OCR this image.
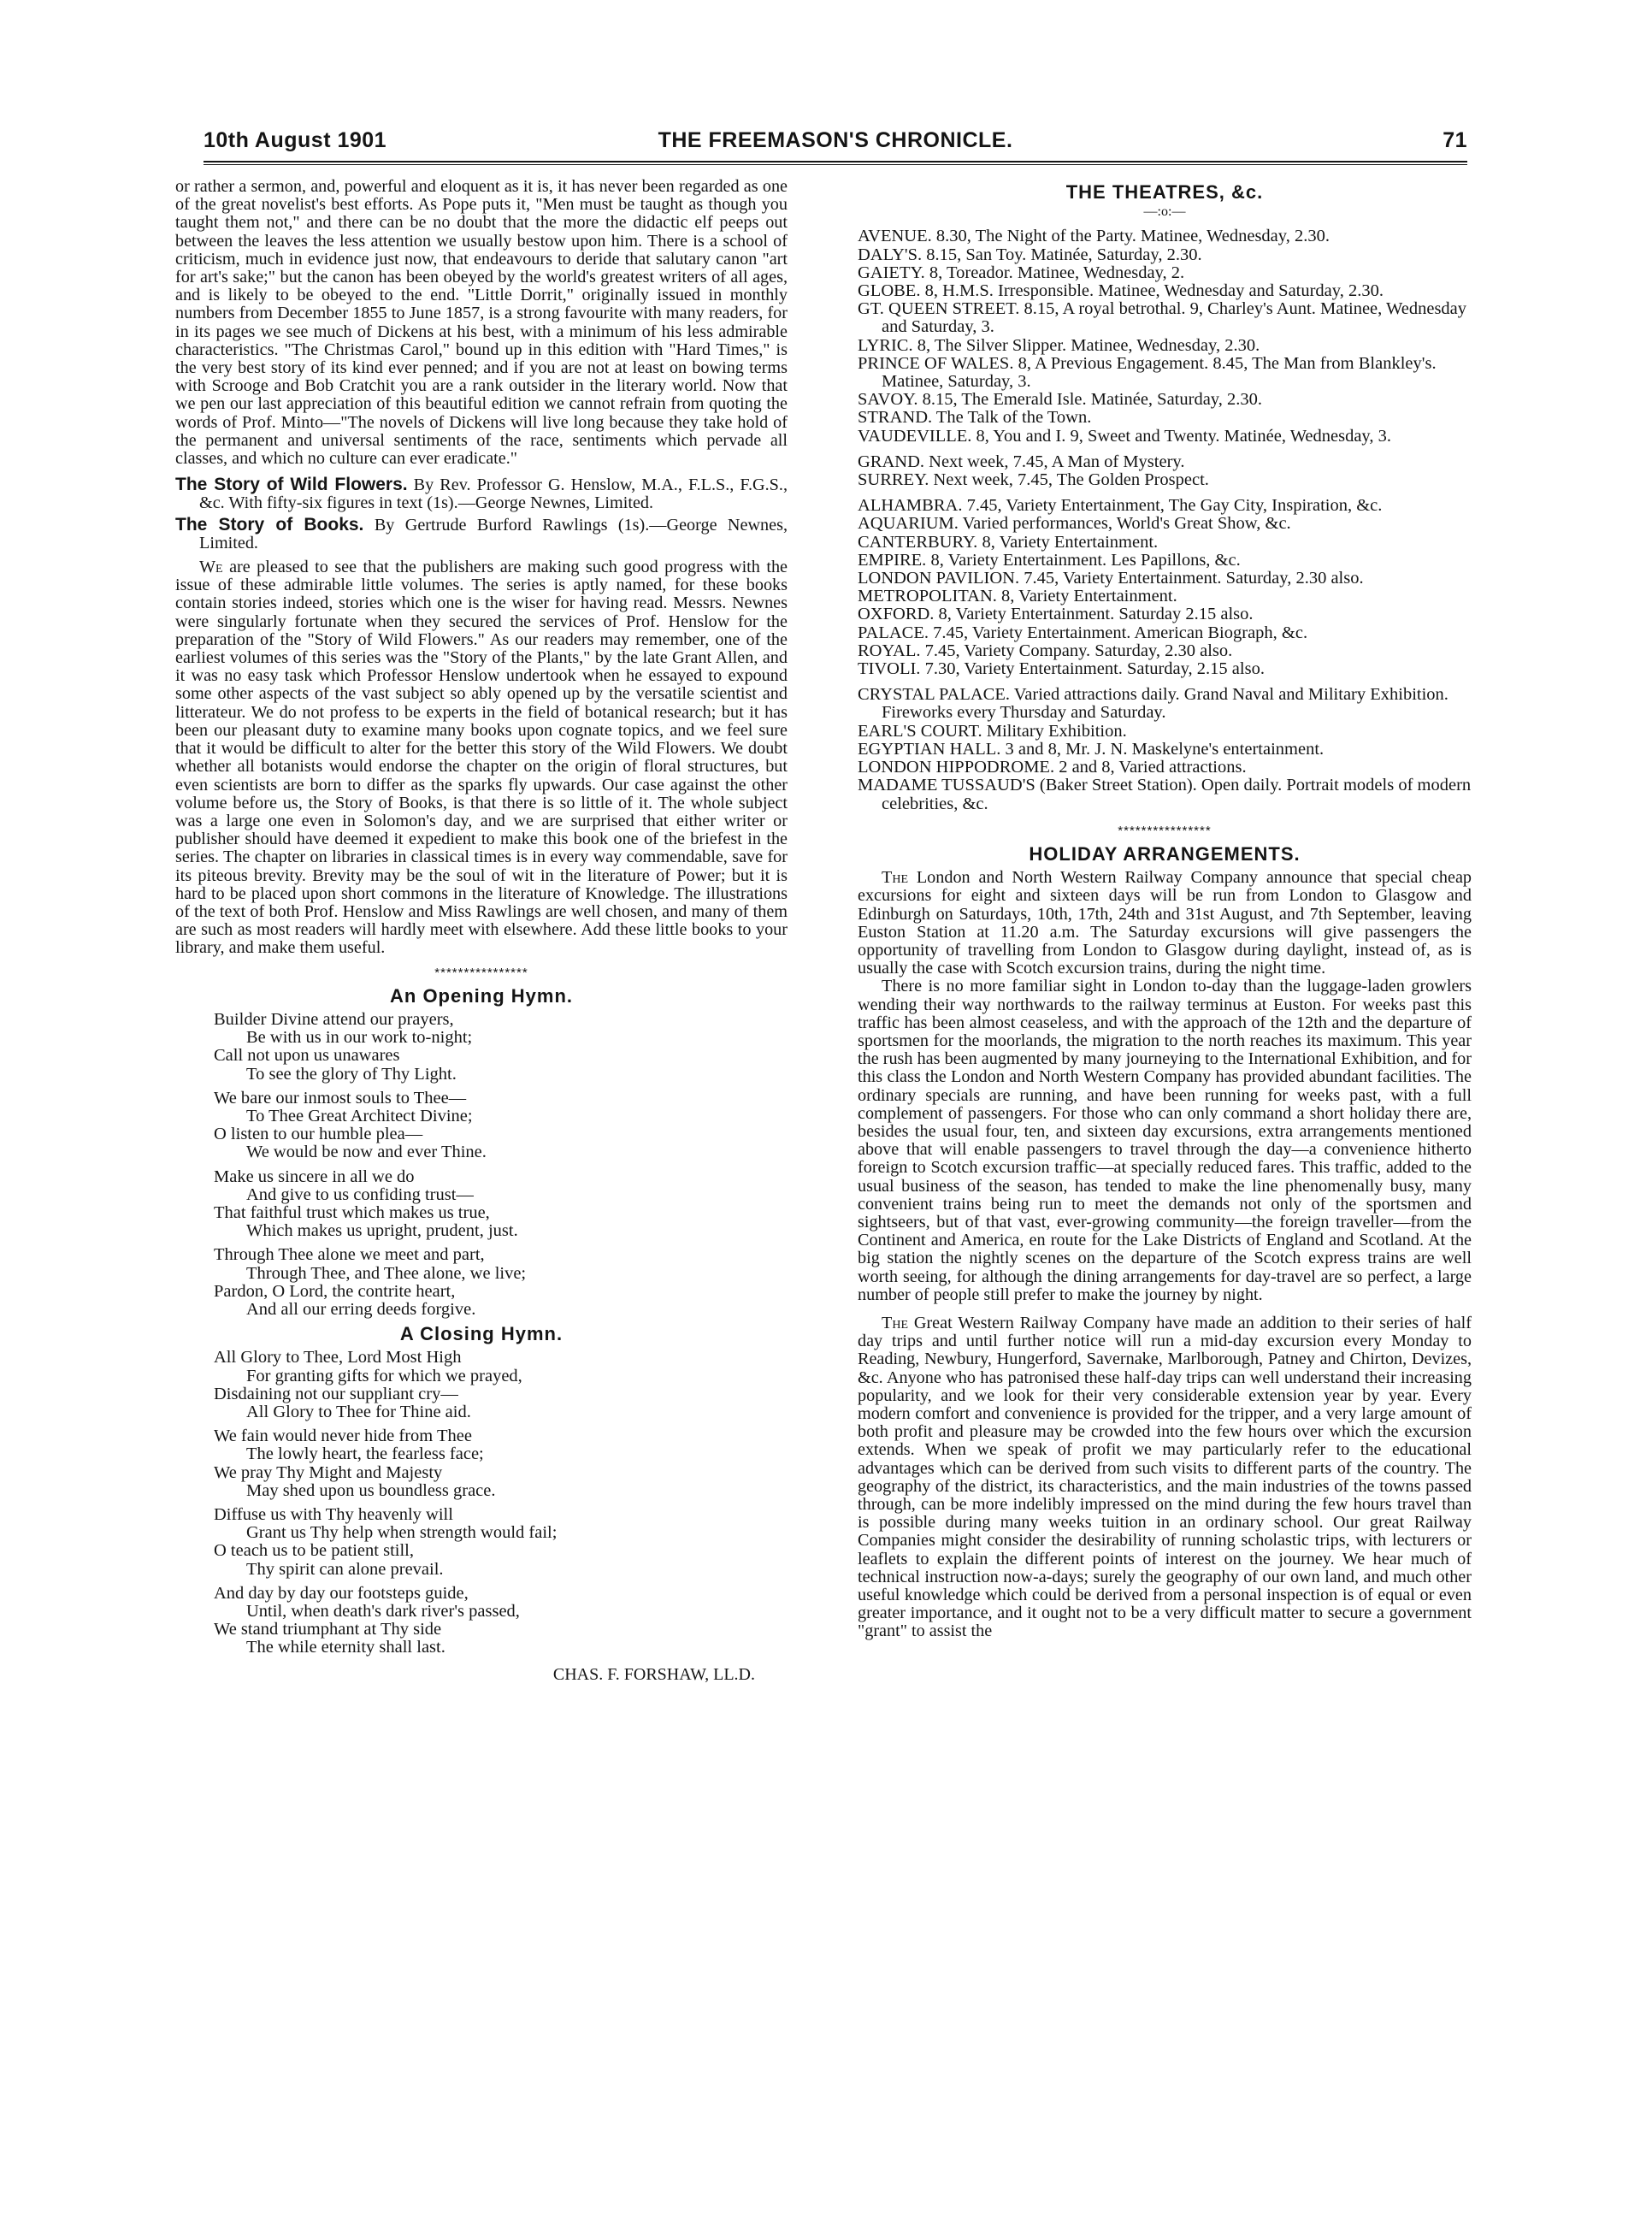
10th August 1901	THE FREEMASON'S CHRONICLE.	71

or rather a sermon, and, powerful and eloquent as it is, it has never been regarded as one of the great novelist's best efforts. As Pope puts it, "Men must be taught as though you taught them not," and there can be no doubt that the more the didactic elf peeps out between the leaves the less attention we usually bestow upon him. There is a school of criticism, much in evidence just now, that endeavours to deride that salutary canon "art for art's sake;" but the canon has been obeyed by the world's greatest writers of all ages, and is likely to be obeyed to the end. "Little Dorrit," originally issued in monthly numbers from December 1855 to June 1857, is a strong favourite with many readers, for in its pages we see much of Dickens at his best, with a minimum of his less admirable characteristics. "The Christmas Carol," bound up in this edition with "Hard Times," is the very best story of its kind ever penned; and if you are not at least on bowing terms with Scrooge and Bob Cratchit you are a rank outsider in the literary world. Now that we pen our last appreciation of this beautiful edition we cannot refrain from quoting the words of Prof. Minto—"The novels of Dickens will live long because they take hold of the permanent and universal sentiments of the race, sentiments which pervade all classes, and which no culture can ever eradicate."

The Story of Wild Flowers. By Rev. Professor G. Henslow, M.A., F.L.S., F.G.S., &c. With fifty-six figures in text (1s).—George Newnes, Limited.

The Story of Books. By Gertrude Burford Rawlings (1s).—George Newnes, Limited.

We are pleased to see that the publishers are making such good progress with the issue of these admirable little volumes. The series is aptly named, for these books contain stories indeed, stories which one is the wiser for having read. Messrs. Newnes were singularly fortunate when they secured the services of Prof. Henslow for the preparation of the "Story of Wild Flowers." As our readers may remember, one of the earliest volumes of this series was the "Story of the Plants," by the late Grant Allen, and it was no easy task which Professor Henslow undertook when he essayed to expound some other aspects of the vast subject so ably opened up by the versatile scientist and litterateur. We do not profess to be experts in the field of botanical research; but it has been our pleasant duty to examine many books upon cognate topics, and we feel sure that it would be difficult to alter for the better this story of the Wild Flowers. We doubt whether all botanists would endorse the chapter on the origin of floral structures, but even scientists are born to differ as the sparks fly upwards. Our case against the other volume before us, the Story of Books, is that there is so little of it. The whole subject was a large one even in Solomon's day, and we are surprised that either writer or publisher should have deemed it expedient to make this book one of the briefest in the series. The chapter on libraries in classical times is in every way commendable, save for its piteous brevity. Brevity may be the soul of wit in the literature of Power; but it is hard to be placed upon short commons in the literature of Knowledge. The illustrations of the text of both Prof. Henslow and Miss Rawlings are well chosen, and many of them are such as most readers will hardly meet with elsewhere. Add these little books to your library, and make them useful.

****************
An Opening Hymn.
Builder Divine attend our prayers,
Be with us in our work to-night;
Call not upon us unawares
To see the glory of Thy Light.
We bare our inmost souls to Thee—
To Thee Great Architect Divine;
O listen to our humble plea—
We would be now and ever Thine.
Make us sincere in all we do
And give to us confiding trust—
That faithful trust which makes us true,
Which makes us upright, prudent, just.
Through Thee alone we meet and part,
Through Thee, and Thee alone, we live;
Pardon, O Lord, the contrite heart,
And all our erring deeds forgive.
A Closing Hymn.
All Glory to Thee, Lord Most High
For granting gifts for which we prayed,
Disdaining not our suppliant cry—
All Glory to Thee for Thine aid.
We fain would never hide from Thee
The lowly heart, the fearless face;
We pray Thy Might and Majesty
May shed upon us boundless grace.
Diffuse us with Thy heavenly will
Grant us Thy help when strength would fail;
O teach us to be patient still,
Thy spirit can alone prevail.
And day by day our footsteps guide,
Until, when death's dark river's passed,
We stand triumphant at Thy side
The while eternity shall last.
CHAS. F. FORSHAW, LL.D.
THE THEATRES, &c.
—:o:—
AVENUE. 8.30, The Night of the Party. Matinee, Wednesday, 2.30.
DALY'S. 8.15, San Toy. Matinée, Saturday, 2.30.
GAIETY. 8, Toreador. Matinee, Wednesday, 2.
GLOBE. 8, H.M.S. Irresponsible. Matinee, Wednesday and Saturday, 2.30.
GT. QUEEN STREET. 8.15, A royal betrothal. 9, Charley's Aunt. Matinee, Wednesday and Saturday, 3.
LYRIC. 8, The Silver Slipper. Matinee, Wednesday, 2.30.
PRINCE OF WALES. 8, A Previous Engagement. 8.45, The Man from Blankley's. Matinee, Saturday, 3.
SAVOY. 8.15, The Emerald Isle. Matinée, Saturday, 2.30.
STRAND. The Talk of the Town.
VAUDEVILLE. 8, You and I. 9, Sweet and Twenty. Matinée, Wednesday, 3.
GRAND. Next week, 7.45, A Man of Mystery.
SURREY. Next week, 7.45, The Golden Prospect.
ALHAMBRA. 7.45, Variety Entertainment, The Gay City, Inspiration, &c.
AQUARIUM. Varied performances, World's Great Show, &c.
CANTERBURY. 8, Variety Entertainment.
EMPIRE. 8, Variety Entertainment. Les Papillons, &c.
LONDON PAVILION. 7.45, Variety Entertainment. Saturday, 2.30 also.
METROPOLITAN. 8, Variety Entertainment.
OXFORD. 8, Variety Entertainment. Saturday 2.15 also.
PALACE. 7.45, Variety Entertainment. American Biograph, &c.
ROYAL. 7.45, Variety Company. Saturday, 2.30 also.
TIVOLI. 7.30, Variety Entertainment. Saturday, 2.15 also.
CRYSTAL PALACE. Varied attractions daily. Grand Naval and Military Exhibition. Fireworks every Thursday and Saturday.
EARL'S COURT. Military Exhibition.
EGYPTIAN HALL. 3 and 8, Mr. J. N. Maskelyne's entertainment.
LONDON HIPPODROME. 2 and 8, Varied attractions.
MADAME TUSSAUD'S (Baker Street Station). Open daily. Portrait models of modern celebrities, &c.
****************
HOLIDAY ARRANGEMENTS.

The London and North Western Railway Company announce that special cheap excursions for eight and sixteen days will be run from London to Glasgow and Edinburgh on Saturdays, 10th, 17th, 24th and 31st August, and 7th September, leaving Euston Station at 11.20 a.m. The Saturday excursions will give passengers the opportunity of travelling from London to Glasgow during daylight, instead of, as is usually the case with Scotch excursion trains, during the night time.

There is no more familiar sight in London to-day than the luggage-laden growlers wending their way northwards to the railway terminus at Euston. For weeks past this traffic has been almost ceaseless, and with the approach of the 12th and the departure of sportsmen for the moorlands, the migration to the north reaches its maximum. This year the rush has been augmented by many journeying to the International Exhibition, and for this class the London and North Western Company has provided abundant facilities. The ordinary specials are running, and have been running for weeks past, with a full complement of passengers. For those who can only command a short holiday there are, besides the usual four, ten, and sixteen day excursions, extra arrangements mentioned above that will enable passengers to travel through the day—a convenience hitherto foreign to Scotch excursion traffic—at specially reduced fares. This traffic, added to the usual business of the season, has tended to make the line phenomenally busy, many convenient trains being run to meet the demands not only of the sportsmen and sightseers, but of that vast, ever-growing community—the foreign traveller—from the Continent and America, en route for the Lake Districts of England and Scotland. At the big station the nightly scenes on the departure of the Scotch express trains are well worth seeing, for although the dining arrangements for day-travel are so perfect, a large number of people still prefer to make the journey by night.

The Great Western Railway Company have made an addition to their series of half day trips and until further notice will run a mid-day excursion every Monday to Reading, Newbury, Hungerford, Savernake, Marlborough, Patney and Chirton, Devizes, &c. Anyone who has patronised these half-day trips can well understand their increasing popularity, and we look for their very considerable extension year by year. Every modern comfort and convenience is provided for the tripper, and a very large amount of both profit and pleasure may be crowded into the few hours over which the excursion extends. When we speak of profit we may particularly refer to the educational advantages which can be derived from such visits to different parts of the country. The geography of the district, its characteristics, and the main industries of the towns passed through, can be more indelibly impressed on the mind during the few hours travel than is possible during many weeks tuition in an ordinary school. Our great Railway Companies might consider the desirability of running scholastic trips, with lecturers or leaflets to explain the different points of interest on the journey. We hear much of technical instruction now-a-days; surely the geography of our own land, and much other useful knowledge which could be derived from a personal inspection is of equal or even greater importance, and it ought not to be a very difficult matter to secure a government "grant" to assist the
